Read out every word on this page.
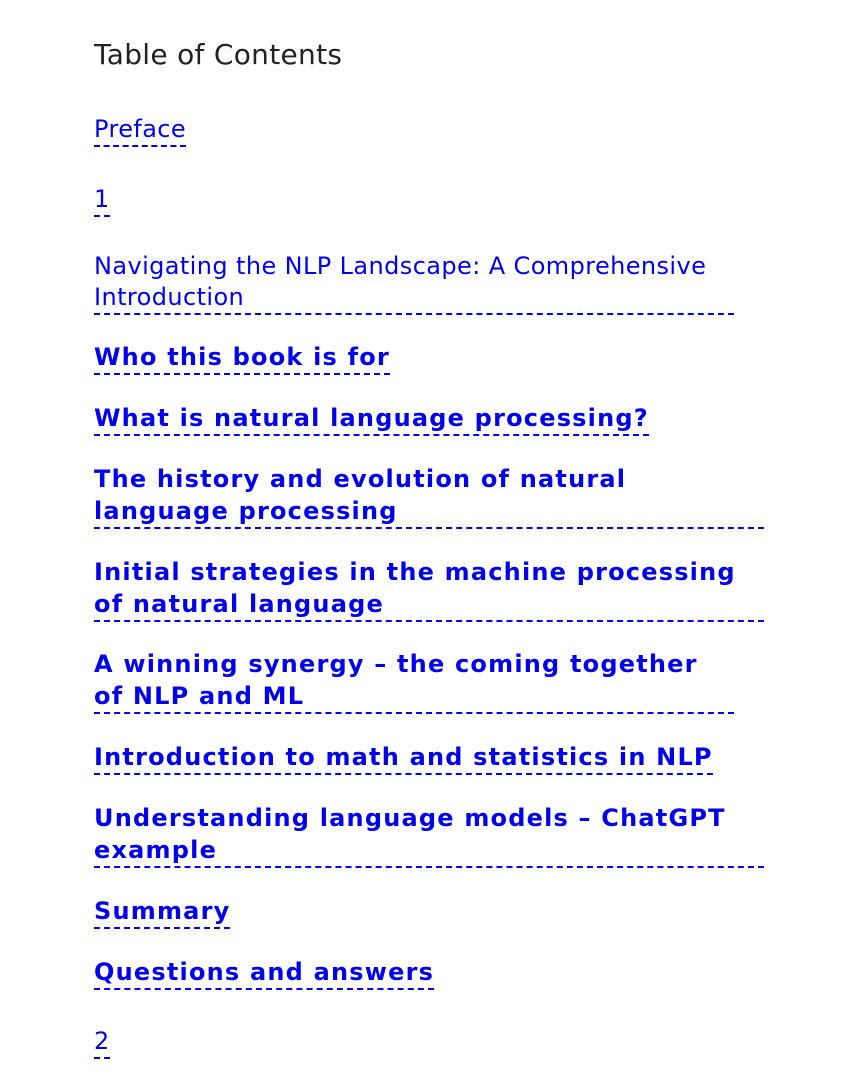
Table of Contents
Preface
1
Navigating the NLP Landscape: A Comprehensive Introduction
Who this book is for
What is natural language processing?
The history and evolution of natural language processing
Initial strategies in the machine processing of natural language
A winning synergy – the coming together of NLP and ML
Introduction to math and statistics in NLP
Understanding language models – ChatGPT example
Summary
Questions and answers
2
